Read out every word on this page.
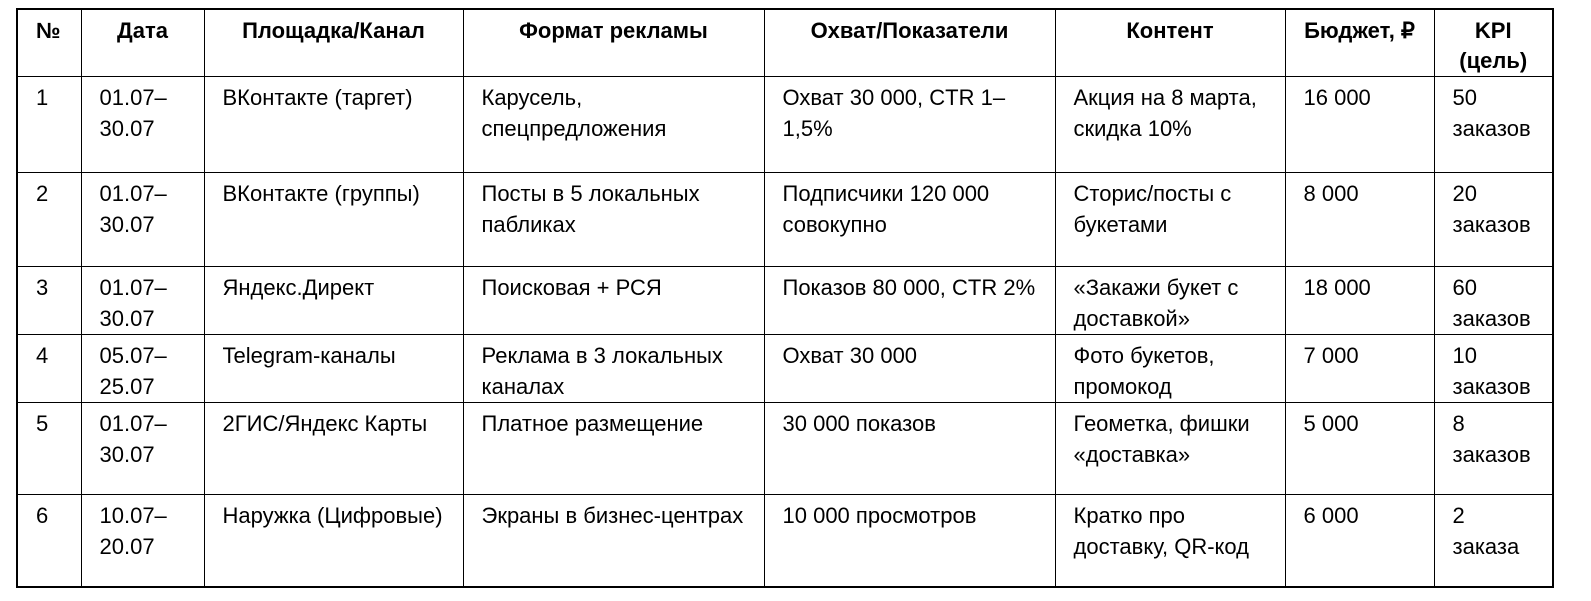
№	Дата	Площадка/Канал	Формат рекламы	Охват/Показатели	Контент	Бюджет, ₽	KPI (цель)
1	01.07–30.07	ВКонтакте (таргет)	Карусель, спецпредложения	Охват 30 000, CTR 1–1,5%	Акция на 8 марта, скидка 10%	16 000	50 заказов
2	01.07–30.07	ВКонтакте (группы)	Посты в 5 локальных пабликах	Подписчики 120 000 совокупно	Сторис/посты с букетами	8 000	20 заказов
3	01.07–30.07	Яндекс.Директ	Поисковая + РСЯ	Показов 80 000, CTR 2%	«Закажи букет с доставкой»	18 000	60 заказов
4	05.07–25.07	Telegram-каналы	Реклама в 3 локальных каналах	Охват 30 000	Фото букетов, промокод	7 000	10 заказов
5	01.07–30.07	2ГИС/Яндекс Карты	Платное размещение	30 000 показов	Геометка, фишки «доставка»	5 000	8 заказов
6	10.07–20.07	Наружка (Цифровые)	Экраны в бизнес-центрах	10 000 просмотров	Кратко про доставку, QR-код	6 000	2 заказа
